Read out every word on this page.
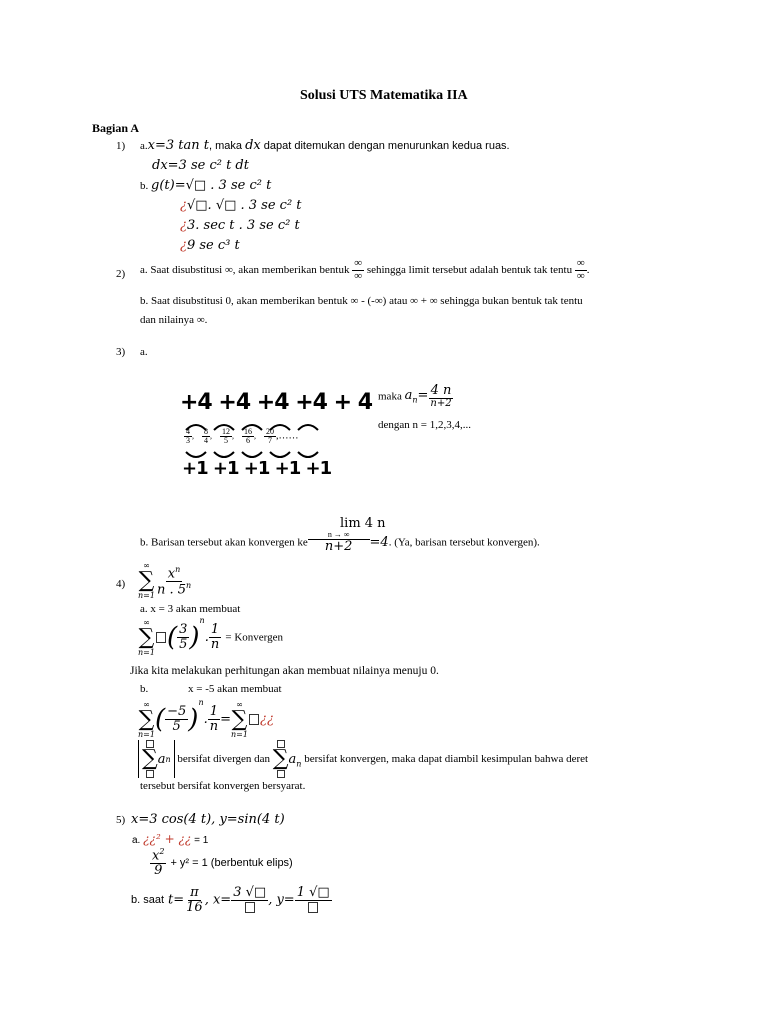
Solusi UTS Matematika IIA
Bagian A
1) a.x=3 tan t, maka dx dapat ditemukan dengan menurunkan kedua ruas.
dx=3 se c² t dt
b. g(t)=√□ . 3 se c² t
¿√□. √□ . 3 se c² t
¿3. sec t . 3 se c² t
¿9 se c³ t
2) a. Saat disubstitusi ∞, akan memberikan bentuk $\frac{\infty}{\infty}$ sehingga limit tersebut adalah bentuk tak tentu $\frac{\infty}{\infty}$ .
b. Saat disubstitusi 0, akan memberikan bentuk ∞ - (-∞) atau ∞ + ∞ sehingga bukan bentuk tak tentu
dan nilainya ∞.
3) a.
+4 +4 +4 +4 + 4
$\frac{4}{3}$ , $\frac{8}{4}$ , $\frac{12}{5}$ , $\frac{16}{6}$ , $\frac{20}{7}$ ,……
+1 +1 +1 +1 +1
maka $a_n= \frac{4 n}{n+2}$
dengan n = 1,2,3,4,...
lim 4 n
b. Barisan tersebut akan konvergen ke $\frac{n \to \infty}{n+2} =4$. (Ya, barisan tersebut konvergen).
4)
∞
∑
$n=1 \frac{x^n}{n . 5^n}$
a. x = 3 akan membuat
∞
∑
n=1 ( $\frac{3}{5} )^n$. $\frac{1}{n}$ = Konvergen
Jika kita melakukan perhitungan akan membuat nilainya menuju 0.
b.	x = -5 akan membuat
∞
∑
n=1 ( $\frac{-5}{5} )^n$. $\frac{1}{n}$ =
∞
∑
n=1
¿¿
∑ a n bersifat divergen dan ∑ $a_n$ bersifat konvergen, maka dapat diambil kesimpulan bahwa deret
tersebut bersifat konvergen bersyarat.
5) x=3 cos(4 t), y=sin(4 t)
a. ¿¿² + ¿¿ = 1
$\frac{x^2}{9} + y^2 = 1$ (berbentuk elips)
b. saat $t= \frac{\pi}{16}$ , x=
3 √□
, y=
1 √□
